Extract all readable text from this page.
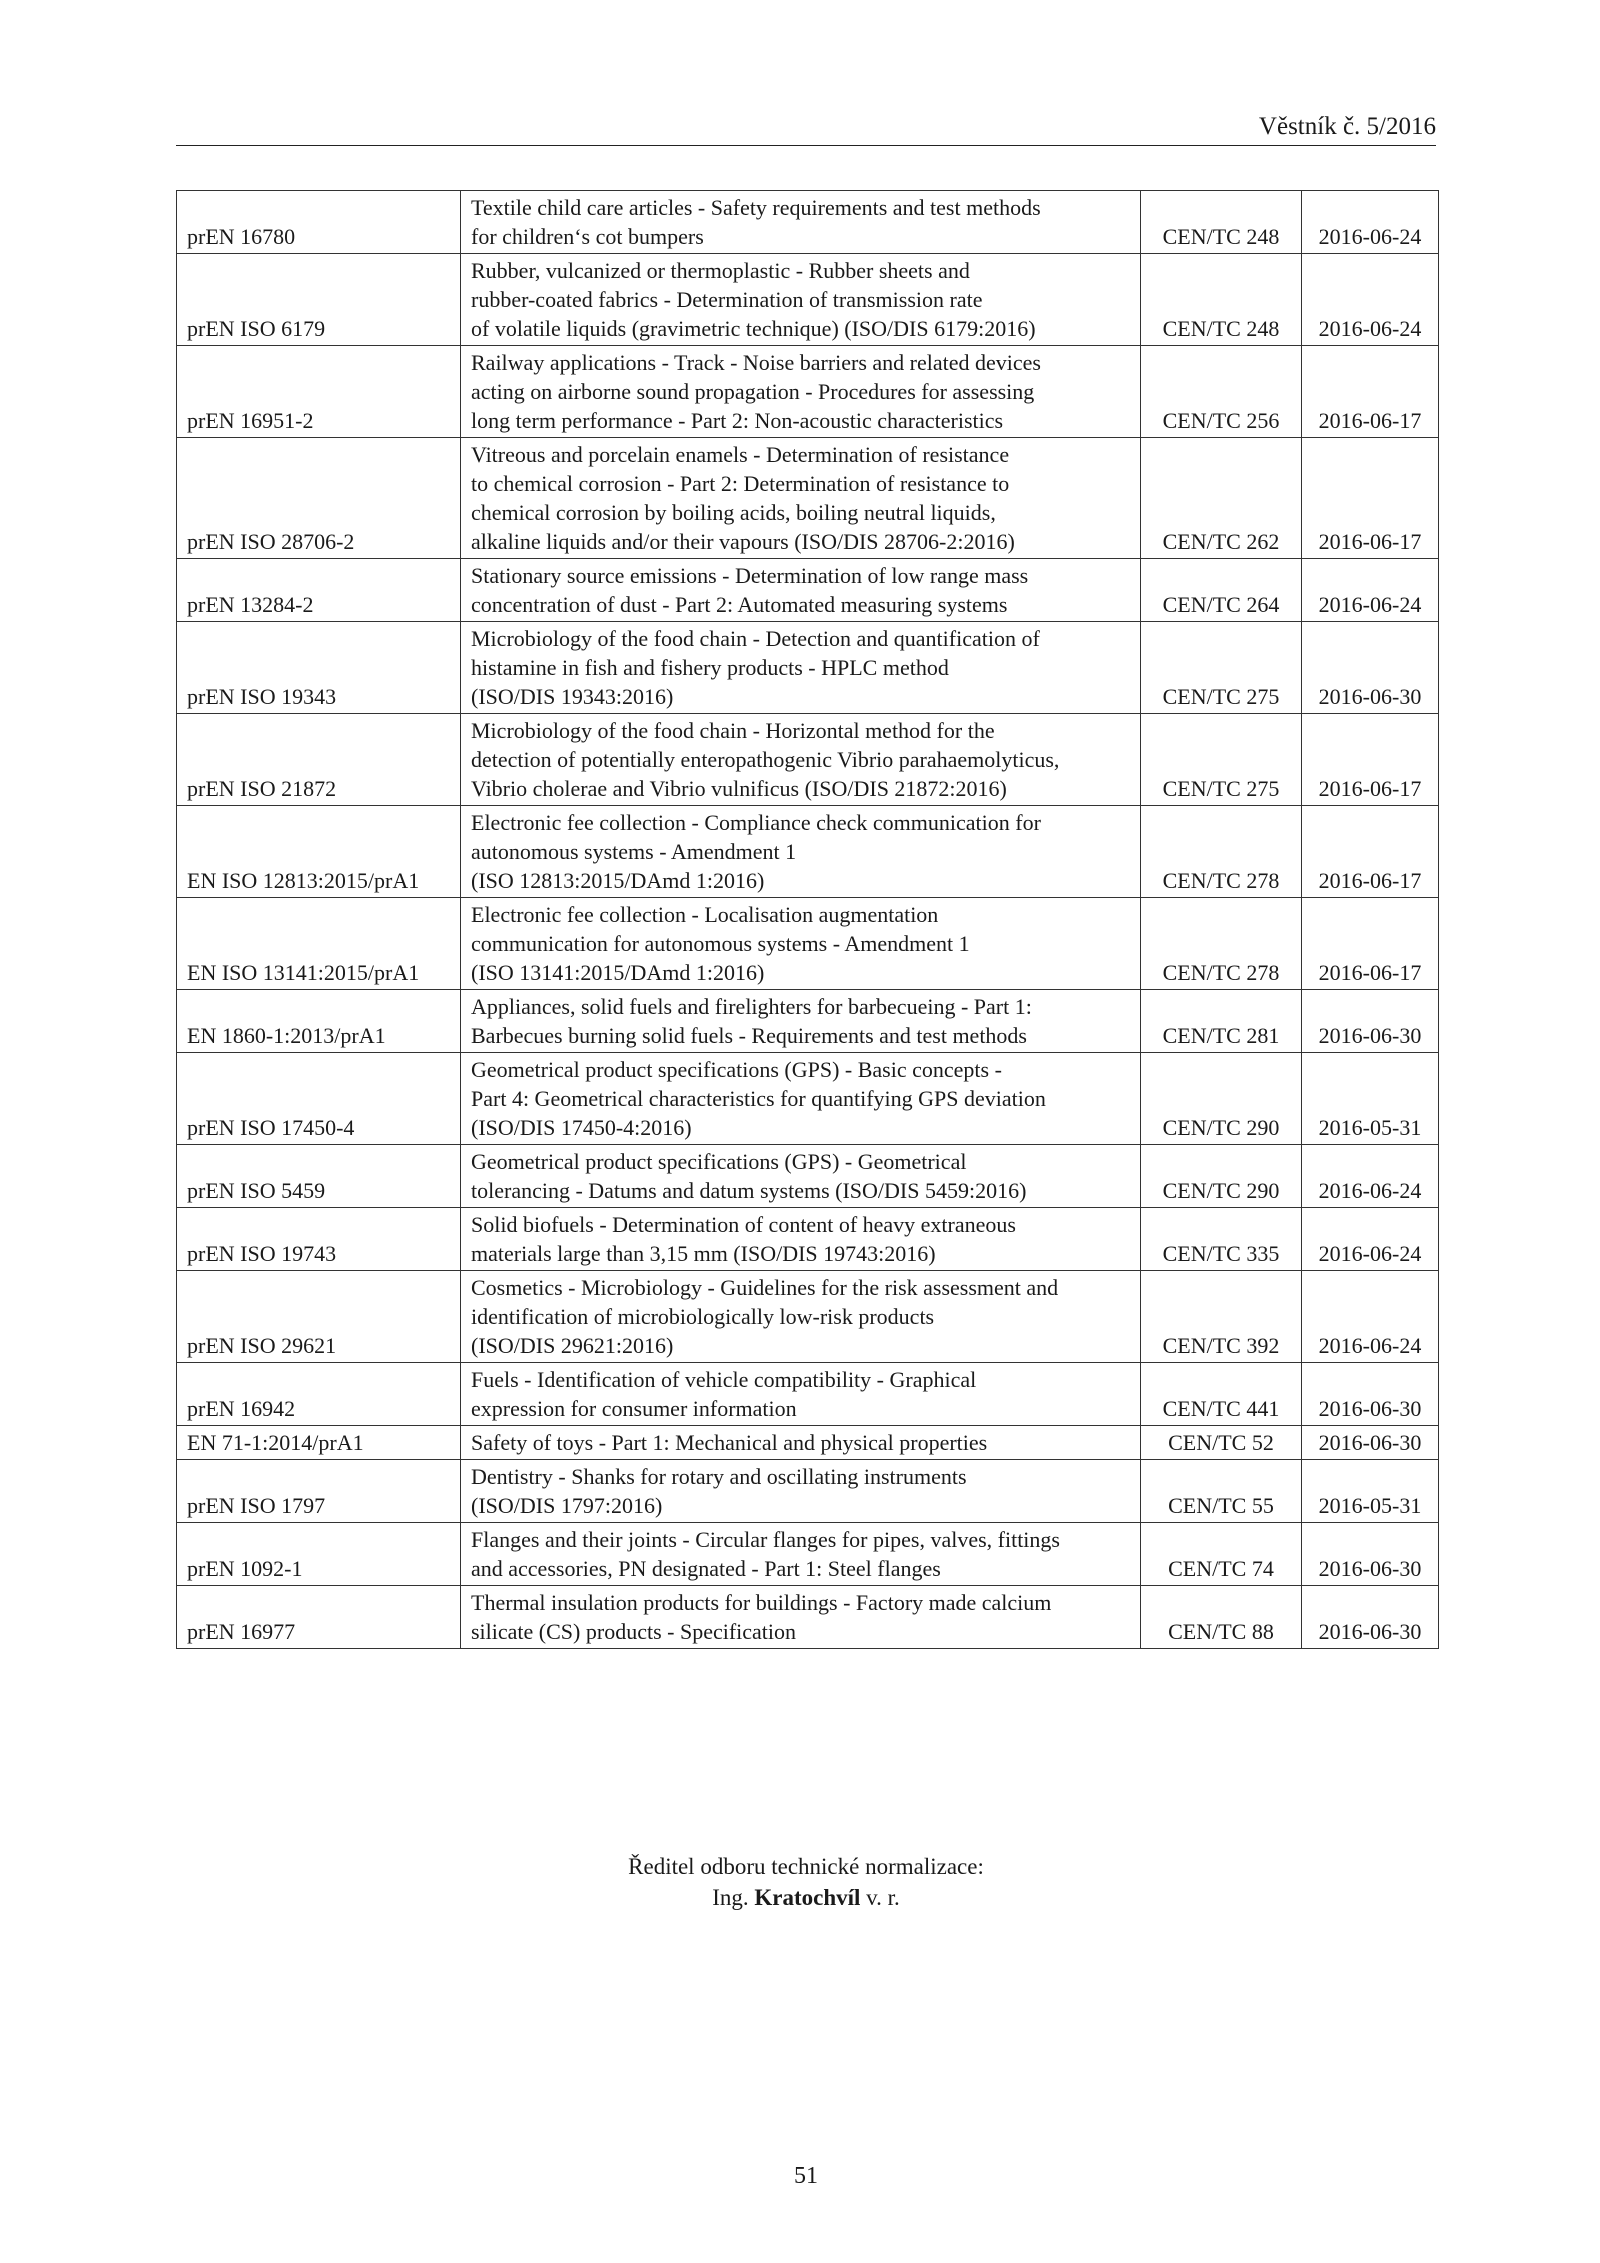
Věstník č. 5/2016
prEN 16780	Textile child care articles - Safety requirements and test methods
for children‘s cot bumpers	CEN/TC 248	2016-06-24
prEN ISO 6179	Rubber, vulcanized or thermoplastic - Rubber sheets and
rubber-coated fabrics - Determination of transmission rate
of volatile liquids (gravimetric technique) (ISO/DIS 6179:2016)	CEN/TC 248	2016-06-24
prEN 16951-2	Railway applications - Track - Noise barriers and related devices
acting on airborne sound propagation - Procedures for assessing
long term performance - Part 2: Non-acoustic characteristics	CEN/TC 256	2016-06-17
prEN ISO 28706-2	Vitreous and porcelain enamels - Determination of resistance
to chemical corrosion - Part 2: Determination of resistance to
chemical corrosion by boiling acids, boiling neutral liquids,
alkaline liquids and/or their vapours (ISO/DIS 28706-2:2016)	CEN/TC 262	2016-06-17
prEN 13284-2	Stationary source emissions - Determination of low range mass
concentration of dust - Part 2: Automated measuring systems	CEN/TC 264	2016-06-24
prEN ISO 19343	Microbiology of the food chain - Detection and quantification of
histamine in fish and fishery products - HPLC method
(ISO/DIS 19343:2016)	CEN/TC 275	2016-06-30
prEN ISO 21872	Microbiology of the food chain - Horizontal method for the
detection of potentially enteropathogenic Vibrio parahaemolyticus,
Vibrio cholerae and Vibrio vulnificus (ISO/DIS 21872:2016)	CEN/TC 275	2016-06-17
EN ISO 12813:2015/prA1	Electronic fee collection - Compliance check communication for
autonomous systems - Amendment 1
(ISO 12813:2015/DAmd 1:2016)	CEN/TC 278	2016-06-17
EN ISO 13141:2015/prA1	Electronic fee collection - Localisation augmentation
communication for autonomous systems - Amendment 1
(ISO 13141:2015/DAmd 1:2016)	CEN/TC 278	2016-06-17
EN 1860-1:2013/prA1	Appliances, solid fuels and firelighters for barbecueing - Part 1:
Barbecues burning solid fuels - Requirements and test methods	CEN/TC 281	2016-06-30
prEN ISO 17450-4	Geometrical product specifications (GPS) - Basic concepts -
Part 4: Geometrical characteristics for quantifying GPS deviation
(ISO/DIS 17450-4:2016)	CEN/TC 290	2016-05-31
prEN ISO 5459	Geometrical product specifications (GPS) - Geometrical
tolerancing - Datums and datum systems (ISO/DIS 5459:2016)	CEN/TC 290	2016-06-24
prEN ISO 19743	Solid biofuels - Determination of content of heavy extraneous
materials large than 3,15 mm (ISO/DIS 19743:2016)	CEN/TC 335	2016-06-24
prEN ISO 29621	Cosmetics - Microbiology - Guidelines for the risk assessment and
identification of microbiologically low-risk products
(ISO/DIS 29621:2016)	CEN/TC 392	2016-06-24
prEN 16942	Fuels - Identification of vehicle compatibility - Graphical
expression for consumer information	CEN/TC 441	2016-06-30
EN 71-1:2014/prA1	Safety of toys - Part 1: Mechanical and physical properties	CEN/TC 52	2016-06-30
prEN ISO 1797	Dentistry - Shanks for rotary and oscillating instruments
(ISO/DIS 1797:2016)	CEN/TC 55	2016-05-31
prEN 1092-1	Flanges and their joints - Circular flanges for pipes, valves, fittings
and accessories, PN designated - Part 1: Steel flanges	CEN/TC 74	2016-06-30
prEN 16977	Thermal insulation products for buildings - Factory made calcium
silicate (CS) products - Specification	CEN/TC 88	2016-06-30
Ředitel odboru technické normalizace:
Ing. Kratochvíl v. r.
51
